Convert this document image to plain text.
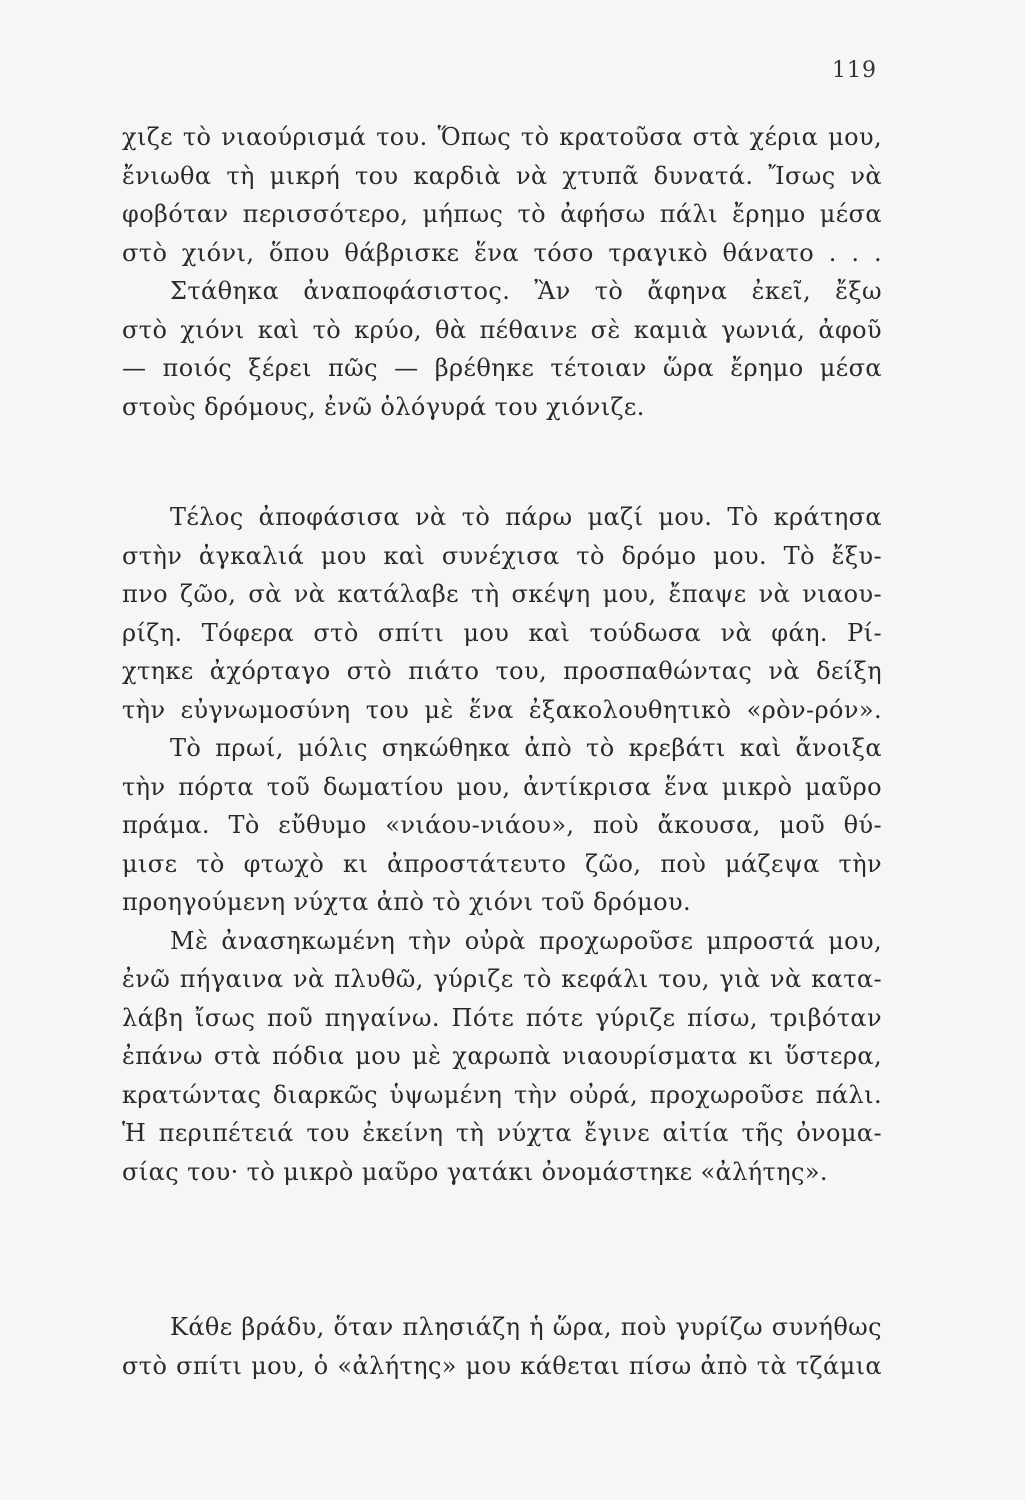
119
χιζε τὸ νιαούρισμά του. Ὅπως τὸ κρατοῦσα στὰ χέρια μου,
ἔνιωθα τὴ μικρή του καρδιὰ νὰ χτυπᾶ δυνατά. Ἴσως νὰ
φοβόταν περισσότερο, μήπως τὸ ἀφήσω πάλι ἔρημο μέσα
στὸ χιόνι, ὅπου θάβρισκε ἕνα τόσο τραγικὸ θάνατο . . .
Στάθηκα ἀναποφάσιστος. Ἂν τὸ ἄφηνα ἐκεῖ, ἔξω
στὸ χιόνι καὶ τὸ κρύο, θὰ πέθαινε σὲ καμιὰ γωνιά, ἀφοῦ
— ποιός ξέρει πῶς — βρέθηκε τέτοιαν ὥρα ἔρημο μέσα
στοὺς δρόμους, ἐνῶ ὁλόγυρά του χιόνιζε.
Τέλος ἀποφάσισα νὰ τὸ πάρω μαζί μου. Τὸ κράτησα
στὴν ἀγκαλιά μου καὶ συνέχισα τὸ δρόμο μου. Τὸ ἔξυ-
πνο ζῶο, σὰ νὰ κατάλαβε τὴ σκέψη μου, ἔπαψε νὰ νιαου-
ρίζη. Τόφερα στὸ σπίτι μου καὶ τούδωσα νὰ φάη. Ρί-
χτηκε ἀχόρταγο στὸ πιάτο του, προσπαθώντας νὰ δείξη
τὴν εὐγνωμοσύνη του μὲ ἕνα ἐξακολουθητικὸ «ρὸν-ρόν».
Τὸ πρωί, μόλις σηκώθηκα ἀπὸ τὸ κρεβάτι καὶ ἄνοιξα
τὴν πόρτα τοῦ δωματίου μου, ἀντίκρισα ἕνα μικρὸ μαῦρο
πράμα. Τὸ εὔθυμο «νιάου-νιάου», ποὺ ἄκουσα, μοῦ θύ-
μισε τὸ φτωχὸ κι ἀπροστάτευτο ζῶο, ποὺ μάζεψα τὴν
προηγούμενη νύχτα ἀπὸ τὸ χιόνι τοῦ δρόμου.
Μὲ ἀνασηκωμένη τὴν οὐρὰ προχωροῦσε μπροστά μου,
ἐνῶ πήγαινα νὰ πλυθῶ, γύριζε τὸ κεφάλι του, γιὰ νὰ κατα-
λάβη ἴσως ποῦ πηγαίνω. Πότε πότε γύριζε πίσω, τριβόταν
ἐπάνω στὰ πόδια μου μὲ χαρωπὰ νιαουρίσματα κι ὕστερα,
κρατώντας διαρκῶς ὑψωμένη τὴν οὐρά, προχωροῦσε πάλι.
Ἡ περιπέτειά του ἐκείνη τὴ νύχτα ἔγινε αἰτία τῆς ὀνομα-
σίας του· τὸ μικρὸ μαῦρο γατάκι ὀνομάστηκε «ἀλήτης».
Κάθε βράδυ, ὅταν πλησιάζη ἡ ὥρα, ποὺ γυρίζω συνήθως
στὸ σπίτι μου, ὁ «ἀλήτης» μου κάθεται πίσω ἀπὸ τὰ τζάμια
